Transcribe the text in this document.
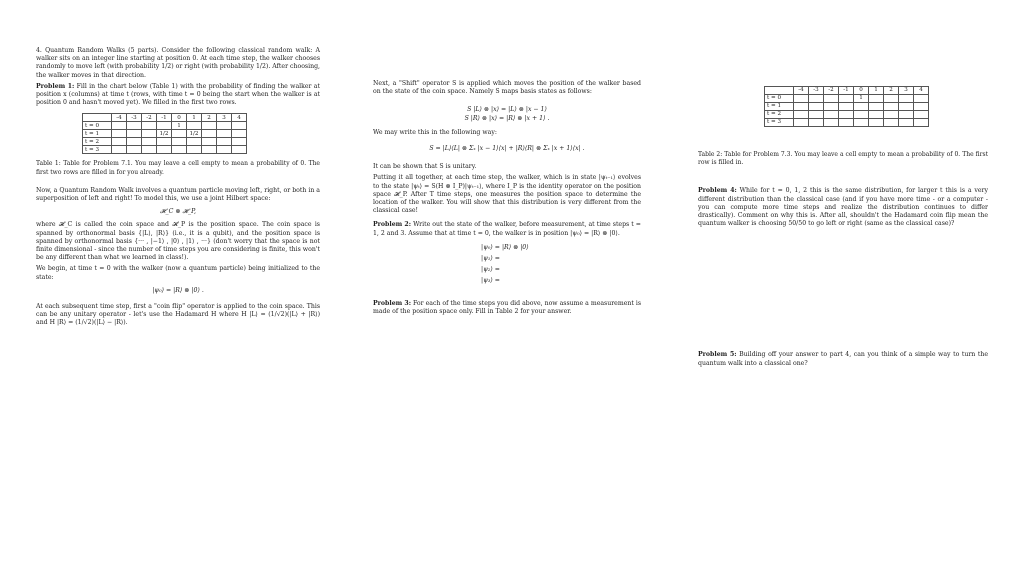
4. Quantum Random Walks (5 parts). Consider the following classical random walk: A walker sits on an integer line starting at position 0. At each time step, the walker chooses randomly to move left (with probability 1/2) or right (with probability 1/2). After choosing, the walker moves in that direction.

Problem 1: Fill in the chart below (Table 1) with the probability of finding the walker at position x (columns) at time t (rows, with time t = 0 being the start when the walker is at position 0 and hasn't moved yet). We filled in the first two rows.

	-4	-3	-2	-1	0	1	2	3	4
t = 0					1				
t = 1				1/2		1/2			
t = 2									
t = 3									

Table 1: Table for Problem 7.1. You may leave a cell empty to mean a probability of 0. The first two rows are filled in for you already.

Now, a Quantum Random Walk involves a quantum particle moving left, right, or both in a superposition of left and right! To model this, we use a joint Hilbert space:

𝓗_C ⊗ 𝓗_P,

where 𝓗_C is called the coin space and 𝓗_P is the position space. The coin space is spanned by orthonormal basis {|L⟩, |R⟩} (i.e., it is a qubit), and the position space is spanned by orthonormal basis {··· , |−1⟩ , |0⟩ , |1⟩ , ···} (don't worry that the space is not finite dimensional - since the number of time steps you are considering is finite, this won't be any different than what we learned in class!).

We begin, at time t = 0 with the walker (now a quantum particle) being initialized to the state:

|ψ₀⟩ = |R⟩ ⊗ |0⟩ .

At each subsequent time step, first a "coin flip" operator is applied to the coin space. This can be any unitary operator - let's use the Hadamard H where H |L⟩ = (1/√2)(|L⟩ + |R⟩) and H |R⟩ = (1/√2)(|L⟩ − |R⟩).

Next, a "Shift" operator S is applied which moves the position of the walker based on the state of the coin space. Namely S maps basis states as follows:

S |L⟩ ⊗ |x⟩ = |L⟩ ⊗ |x − 1⟩
S |R⟩ ⊗ |x⟩ = |R⟩ ⊗ |x + 1⟩ .

We may write this in the following way:

S = |L⟩⟨L| ⊗ Σₓ |x − 1⟩⟨x| + |R⟩⟨R| ⊗ Σₓ |x + 1⟩⟨x| .

It can be shown that S is unitary.

Putting it all together, at each time step, the walker, which is in state |ψₜ₋₁⟩ evolves to the state |ψₜ⟩ = S(H ⊗ I_P)|ψₜ₋₁⟩, where I_P is the identity operator on the position space 𝓗_P. After T time steps, one measures the position space to determine the location of the walker. You will show that this distribution is very different from the classical case!

Problem 2: Write out the state of the walker, before measurement, at time steps t = 1, 2 and 3. Assume that at time t = 0, the walker is in position |ψ₀⟩ = |R⟩ ⊗ |0⟩.

|ψ₀⟩ = |R⟩ ⊗ |0⟩
|ψ₁⟩ =
|ψ₂⟩ =
|ψ₃⟩ =

Problem 3: For each of the time steps you did above, now assume a measurement is made of the position space only. Fill in Table 2 for your answer.

	-4	-3	-2	-1	0	1	2	3	4
t = 0					1				
t = 1									
t = 2									
t = 3									

Table 2: Table for Problem 7.3. You may leave a cell empty to mean a probability of 0. The first row is filled in.

Problem 4: While for t = 0, 1, 2 this is the same distribution, for larger t this is a very different distribution than the classical case (and if you have more time - or a computer - you can compute more time steps and realize the distribution continues to differ drastically). Comment on why this is. After all, shouldn't the Hadamard coin flip mean the quantum walker is choosing 50/50 to go left or right (same as the classical case)?

Problem 5: Building off your answer to part 4, can you think of a simple way to turn the quantum walk into a classical one?
